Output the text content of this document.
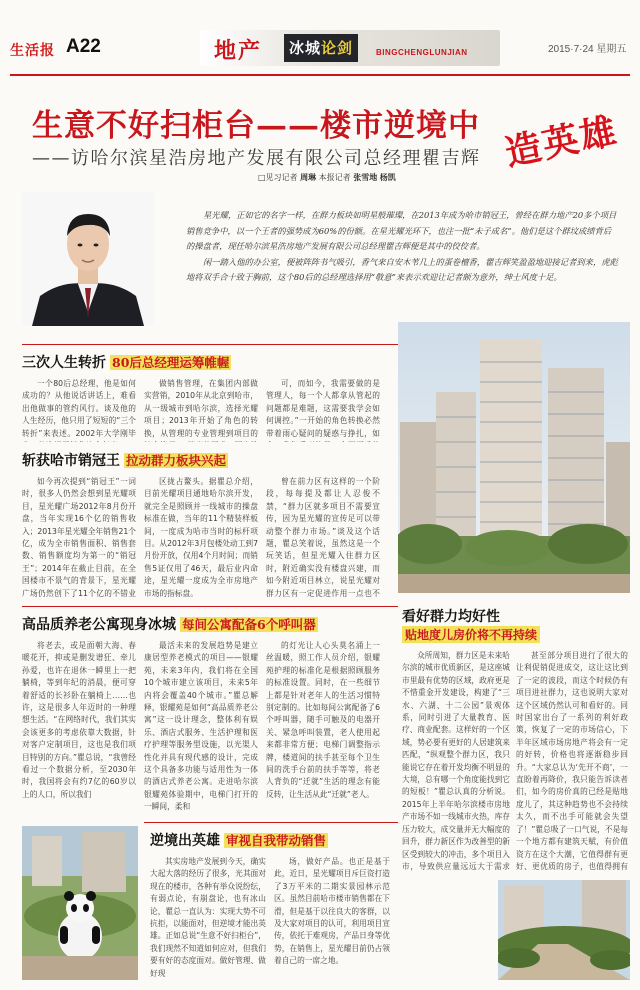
生活报 A22	地产	冰城论剑	BINGCHENGLUNJIAN	2015·7·24 星期五
生意不好扫柜台——楼市逆境中 造英雄
——访哈尔滨星浩房地产发展有限公司总经理瞿吉辉
□见习记者 周琳 本报记者 张雪地 杨凯

星光耀，正如它的名字一样，在群力板块如明星般璀璨，在2013年成为哈市销冠王，曾经在群力地产20多个项目销售竞争中，以一个王者的强势成为60%的份额。在星光耀光环下，也注一批“未子成名”。他们是这个群坟成绩背后的操盘者，现任哈尔滨星浩房地产发展有限公司总经理瞿吉辉便是其中的佼佼者。

闲一踏入他的办公室，便被阵阵书气吸引，香气来自安木苇几上的蛋卷檀香，瞿吉辉笑盈盈地迎接记者到来，虎彪地将双手合十致于胸前，这个80后的总经理选择用“敬意”来表示欢迎让记者颇为意外，绅士风度十足。

三次人生转折 80后总经理运筹帷幄
一个80后总经理，他是如何成功的？从他说话讲话上，难看出他做事的管约风行。谈及他的人生经历，他只用了短短的“三个转折”来表述。2002年大学刚毕
做销售管理，在集团内部做实营销，2010年从北京到哈市，从一级城市到哈尔滨，选择光耀项目；2013年开始了角色的转换，从管理的专业管理到项目的
可，而如今，我需要做的是管理人，每一个人都拿从管起的问题都是难题，这需要我学会如何调控。”一开始的角色转换必然带着雨心疑问的疑惑与挣扎，如
斩获哈市销冠王 拉动群力板块兴起
如今再次提到“销冠王”一词时，很多人仍然会想到星光耀项目，星光耀广场2012年8月份开盘，当年实现16个亿的销售收入；2013年星光耀全年销售21个亿，成为全市销售面积、销售套数、销售额度均为第一的“销冠王”；2014年在截止目前，在全国楼市不景气的背景下，星光耀广场仍然创下了11个亿的不错业
区拢占鳌头。据瞿总介绍，目前光耀项目通地哈尔滨开发，就完全是照顾并一线城市的操盘标准在做，当年的11个精装样板间，一度成为哈市当时的标杆项目。从2012年3月包楼处动工到7月份开放，仅用4个月时间；而销售5证仅用了46天，最后业内命途，星光耀一度成为全市房地产市场的指标盘。
曾在前力区有这样的一个阶段，每每提及都让人忍俊不禁，“群力区就多项目不需要宣传，因为星光耀的宣传足可以带动整个群力市场。”谈及这个话题，瞿总笑着说，虽然这是一个玩笑话，但星光耀入住群力区时，附近确实没有楼盘兴建，而如今附近项目林立，说星光耀对群力区有一定促进作用一点也不
高品质养老公寓现身冰城 每间公寓配备6个呼叫器
将老去，或是面朝大海、春暖花开，抑或是删发谱狂、牵儿孙爱，也许在退休一瞬里上一把躺椅，等到年纪的消晨，便可穿着舒适的长衫卧在躺椅上……也许，这是很多人年迈时的一种理想生活。“在网络时代，我们其实会该更多的考虑依靠大数据，针对客户定制项目，这也是我们项目特别的方向。”瞿总说，“我曾经看过一个数据分析，至2030年时，我国将会有约7亿的60岁以上的人口，所以我们
最活未来的发展趋势是建立康居型养老模式的项目——银耀苑，未来3年内，我们将在全国10个城市建立该项目，未来5年内将会覆盖40个城市。”瞿总解释，银耀苑是如何“高品质养老公寓”这一设计理念，整体利有娱乐、酒店式服务、生活护理和医疗护理等服务型设施，以光渠人性化并具有现代感的设计，完成这个具备多功能与适用性为一体的酒店式养老公寓。走进哈尔滨银耀苑体验期中，电梯门打开的一瞬间，柔和
的灯光让人心头莫名涌上一丝温暖，照工作人员介绍，银耀苑护理的标准化是根据照顾服务的标准设置。同时，在一些细节上都是针对老年人的生活习惯特别定制的。比如每间公寓配备了6个呼叫器，随手可触及的电器开关、紧急呼叫装置，老人使用起来都非常方便；电梯门调整指示牌，楼道间的扶手甚至每个卫生间的洗手台前的扶手等等，将老人背负的“迁就”生活的理念有能反转，让生活从此“迁就”老人。
看好群力均好性
贴地度儿房价将不再持续
众所周知，群力区是未来哈尔滨的城市优质新区，是这座城市里最有优势的区域，政府更是不惜重金开发建设，构建了“三水、六湖、十二公园”景观体系，同时引进了大量教育、医疗、商业配套。这样好的一个区域，势必要有更好的人居建筑来匹配，“纵观整个群力区，我只能说它存在着开发均衡不明显的大境，总有哪一个角度能找到它的短板！”瞿总认真的分析说。2015年上半年哈尔滨楼市房地产市场不如一线城市火热，库存压力较大，成交量并无大幅度的回升，群力新区作为改善型的新区受到较大的冲击，多个项目入市，导致供应量远远大于需求
甚至部分项目进行了很大的让利促销促进成交，这让这比到了一定的波段，而这个时候仍有项目进社群力，这也说明大家对这个区域仍然认可和看好的。同时国家出台了一系列的利好政策，恢复了一定的市场信心，下半年区域市场房地产将会有一定的好转，价格也将逐渐稳步回升。“大家总认为‘先开不商’，一直盼着再降价，我只能告诉读者们，如今的房价真的已经是贴地度儿了，其这种趋势也不会持续太久，而不出手可能就会失望了！”瞿总吸了一口气说，不是每一个地方都有建筑天赋，有价值资方在这个大潮，它值得群有更好、更优质的房子，也值得拥有
逆境出英雄 审视自我带动销售
其实房地产发展到今天，确实大起大落的经历了很多，光其面对现在的楼市，各种有举众说纷纭，有弱点论，有崩盘论，也有冰山论，瞿总一直认为：实现大势不可抗拒，以能面对，但逆境才能出英雄。正如总说“生意不好扫柜台”，我们现然不知道如何应对，但我们要有好的态度面对。做好管理、做好现
场，做好产品。也正是基于此，近日，星光耀项目斥巨资打造了3万平米的二期实景园林示范区。虽然目前哈市楼市销售都在下滑，但是基于以往良大的客群，以及大家对项目的认可，利用项目宣传，依托于难观房，产品日身等优势，在销售上，星光耀目前仍占领着自己的一席之地。
